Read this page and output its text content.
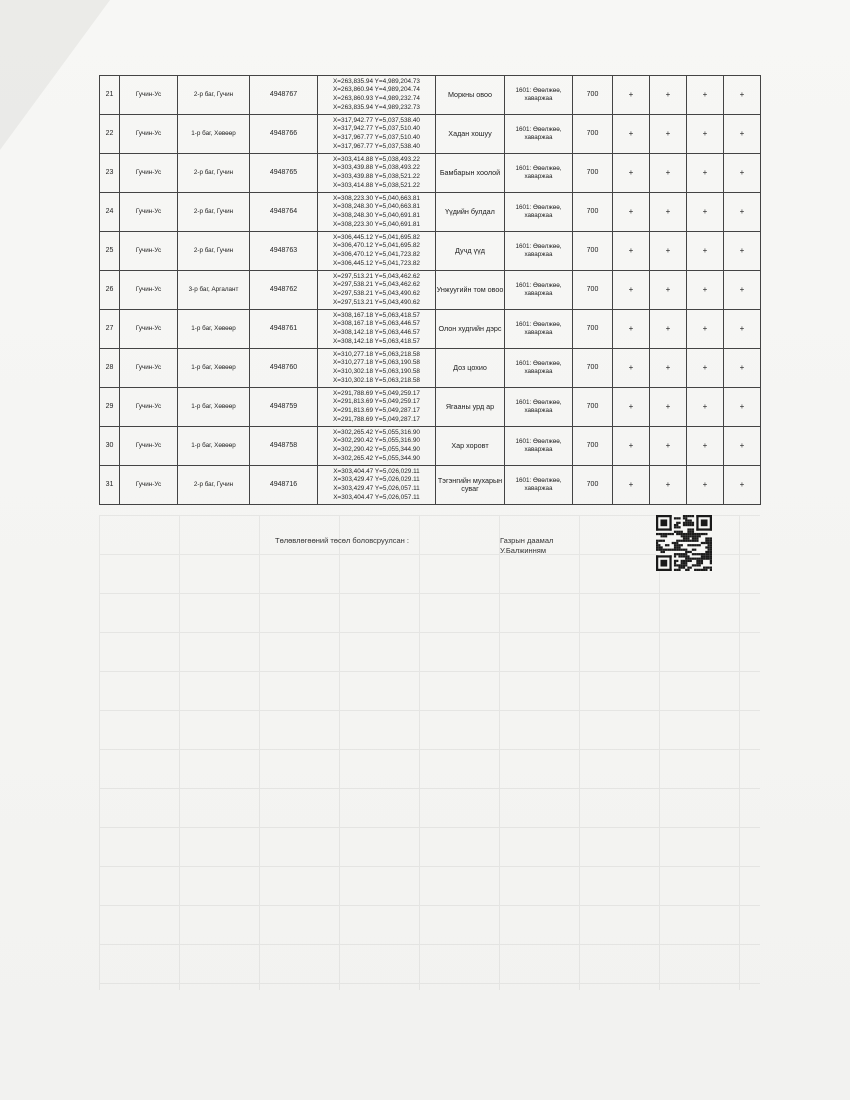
21	Гучин-Ус	2-р баг, Гучин	4948767	X=263,835.94 Y=4,989,204.73
X=263,860.94 Y=4,989,204.74
X=263,860.93 Y=4,989,232.74
X=263,835.94 Y=4,989,232.73	Моркны овоо	1601: Өвөлжөө, хаваржаа	700	+	+	+	+
22	Гучин-Ус	1-р баг, Хөвөөр	4948766	X=317,942.77 Y=5,037,538.40
X=317,942.77 Y=5,037,510.40
X=317,967.77 Y=5,037,510.40
X=317,967.77 Y=5,037,538.40	Хадан хошуу	1601: Өвөлжөө, хаваржаа	700	+	+	+	+
23	Гучин-Ус	2-р баг, Гучин	4948765	X=303,414.88 Y=5,038,493.22
X=303,439.88 Y=5,038,493.22
X=303,439.88 Y=5,038,521.22
X=303,414.88 Y=5,038,521.22	Бамбарын хоолой	1601: Өвөлжөө, хаваржаа	700	+	+	+	+
24	Гучин-Ус	2-р баг, Гучин	4948764	X=308,223.30 Y=5,040,663.81
X=308,248.30 Y=5,040,663.81
X=308,248.30 Y=5,040,691.81
X=308,223.30 Y=5,040,691.81	Үүдийн булдал	1601: Өвөлжөө, хаваржаа	700	+	+	+	+
25	Гучин-Ус	2-р баг, Гучин	4948763	X=306,445.12 Y=5,041,695.82
X=306,470.12 Y=5,041,695.82
X=306,470.12 Y=5,041,723.82
X=306,445.12 Y=5,041,723.82	Дучд үүд	1601: Өвөлжөө, хаваржаа	700	+	+	+	+
26	Гучин-Ус	3-р баг, Аргалант	4948762	X=297,513.21 Y=5,043,462.62
X=297,538.21 Y=5,043,462.62
X=297,538.21 Y=5,043,490.62
X=297,513.21 Y=5,043,490.62	Унжуугийн том овоо	1601: Өвөлжөө, хаваржаа	700	+	+	+	+
27	Гучин-Ус	1-р баг, Хөвөөр	4948761	X=308,167.18 Y=5,063,418.57
X=308,167.18 Y=5,063,446.57
X=308,142.18 Y=5,063,446.57
X=308,142.18 Y=5,063,418.57	Олон худгийн дэрс	1601: Өвөлжөө, хаваржаа	700	+	+	+	+
28	Гучин-Ус	1-р баг, Хөвөөр	4948760	X=310,277.18 Y=5,063,218.58
X=310,277.18 Y=5,063,190.58
X=310,302.18 Y=5,063,190.58
X=310,302.18 Y=5,063,218.58	Доз цохио	1601: Өвөлжөө, хаваржаа	700	+	+	+	+
29	Гучин-Ус	1-р баг, Хөвөөр	4948759	X=291,788.69 Y=5,049,259.17
X=291,813.69 Y=5,049,259.17
X=291,813.69 Y=5,049,287.17
X=291,788.69 Y=5,049,287.17	Ягааны урд ар	1601: Өвөлжөө, хаваржаа	700	+	+	+	+
30	Гучин-Ус	1-р баг, Хөвөөр	4948758	X=302,265.42 Y=5,055,316.90
X=302,290.42 Y=5,055,316.90
X=302,290.42 Y=5,055,344.90
X=302,265.42 Y=5,055,344.90	Хар хоровт	1601: Өвөлжөө, хаваржаа	700	+	+	+	+
31	Гучин-Ус	2-р баг, Гучин	4948716	X=303,404.47 Y=5,026,029.11
X=303,429.47 Y=5,026,029.11
X=303,429.47 Y=5,026,057.11
X=303,404.47 Y=5,026,057.11	Тэгэнгийн мухарын суваг	1601: Өвөлжөө, хаваржаа	700	+	+	+	+
Төлөвлөгөөний төсөл боловсруулсан :	Газрын даамал
У.Балжинням
